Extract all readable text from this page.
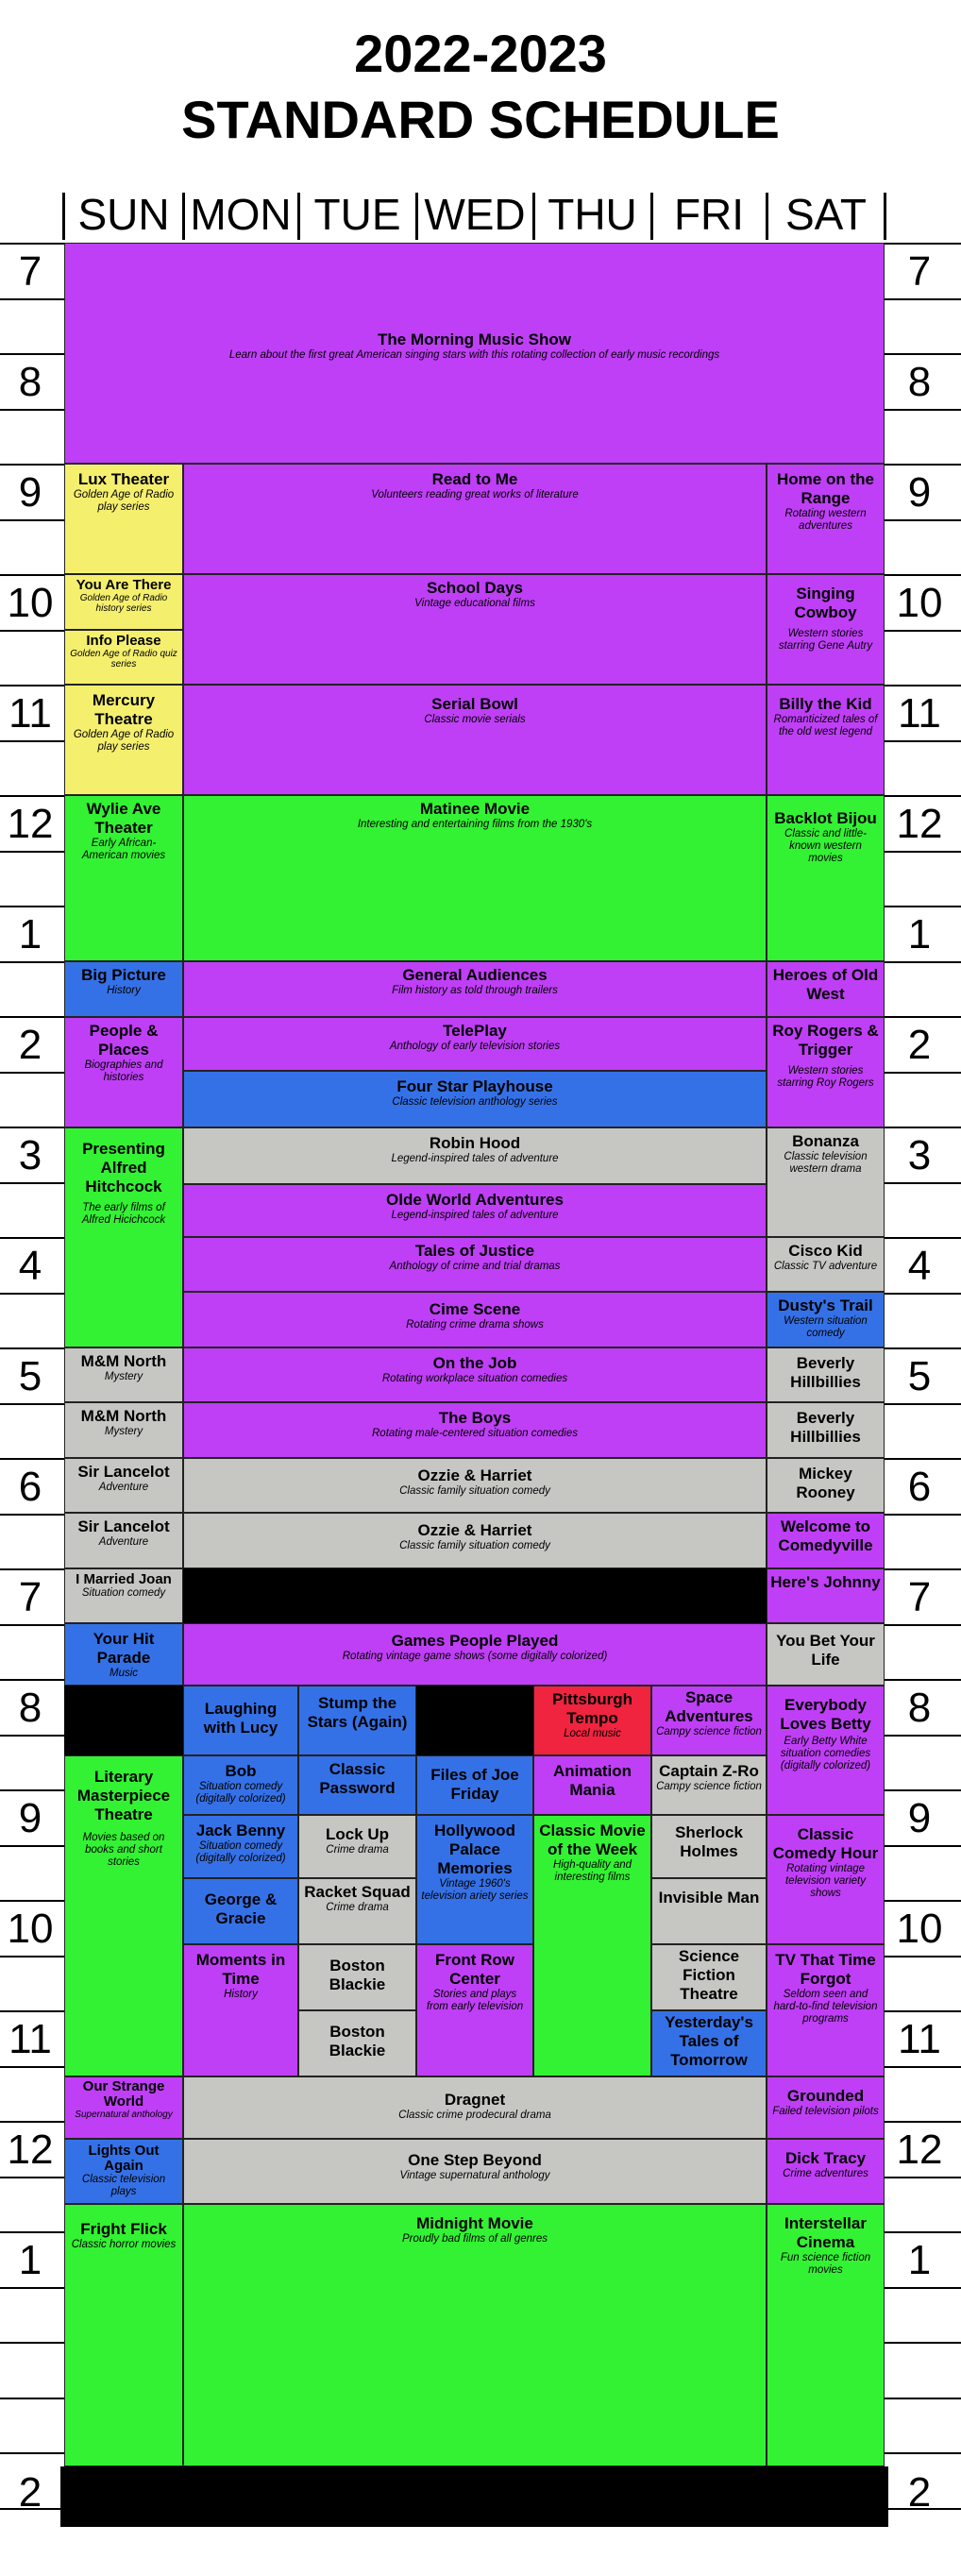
2022-2023
STANDARD SCHEDULE
SUN MON TUE WED THU FRI SAT
7
8
9
10
11
12
1
2
3
4
5
6
7
8
9
10
11
12
1
2
7
8
9
10
11
12
1
2
3
4
5
6
7
8
9
10
11
12
1
2
The Morning Music Show
Learn about the first great American singing stars with this rotating collection of early music recordings
Lux Theater
Golden Age of Radio play series
Read to Me
Volunteers reading great works of literature
Home on the Range
Rotating western adventures
You Are There
Golden Age of Radio history series
Info Please
Golden Age of Radio quiz series
School Days
Vintage educational films
Singing Cowboy
Western stories starring Gene Autry
Mercury Theatre
Golden Age of Radio play series
Serial Bowl
Classic movie serials
Billy the Kid
Romanticized tales of the old west legend
Wylie Ave Theater
Early African-American movies
Matinee Movie
Interesting and entertaining films from the 1930's	Backlot Bijou
Classic and little-known western movies
Big Picture
History
General Audiences
Film history as told through trailers
Heroes of Old West
People & Places
Biographies and histories
TelePlay
Anthology of early television stories
Four Star Playhouse
Classic television anthology series
Roy Rogers & Trigger
Western stories starring Roy Rogers
Presenting Alfred Hitchcock
The early films of Alfred Hicichcock
Robin Hood
Legend-inspired tales of adventure
Bonanza
Classic television western drama
Olde World Adventures
Legend-inspired tales of adventure
Tales of Justice
Anthology of crime and trial dramas
Cisco Kid
Classic TV adventure
Cime Scene
Rotating crime drama shows
Dusty's Trail
Western situation comedy
M&M North
Mystery
On the Job
Rotating workplace situation comedies
Beverly Hillbillies
M&M North
Mystery
The Boys
Rotating male-centered situation comedies
Beverly Hillbillies
Sir Lancelot
Adventure
Ozzie & Harriet
Classic family situation comedy
Mickey Rooney
Sir Lancelot
Adventure
Ozzie & Harriet
Classic family situation comedy
Welcome to Comedyville
I Married Joan
Situation comedy
Here's Johnny
Your Hit Parade
Music
Games People Played
Rotating vintage game shows (some digitally colorized)
You Bet Your Life
Laughing with Lucy
Stump the Stars (Again)
Pittsburgh Tempo
Local music
Space Adventures
Campy science fiction
Everybody Loves Betty
Early Betty White situation comedies (digitally colorized)
Literary Masterpiece Theatre
Movies based on books and short stories
Bob
Situation comedy (digitally colorized)
Classic Password
Files of Joe Friday
Animation Mania
Captain Z-Ro
Campy science fiction
Jack Benny
Situation comedy (digitally colorized)
Lock Up
Crime drama
Hollywood Palace Memories
Vintage 1960's television ariety series
Classic Movie of the Week
High-quality and interesting films
Sherlock Holmes
Classic Comedy Hour
Rotating vintage television variety shows
George & Gracie
Racket Squad
Crime drama
Invisible Man
Moments in Time
History
Boston Blackie
Front Row Center
Stories and plays from early television
Science Fiction Theatre
TV That Time Forgot
Seldom seen and hard-to-find television programs
Boston Blackie
Yesterday's Tales of Tomorrow
Our Strange World
Supernatural anthology
Dragnet
Classic crime prodecural drama
Grounded
Failed television pilots
Lights Out Again
Classic television plays
One Step Beyond
Vintage supernatural anthology
Dick Tracy
Crime adventures
Fright Flick
Classic horror movies
Midnight Movie
Proudly bad films of all genres
Interstellar Cinema
Fun science fiction movies
